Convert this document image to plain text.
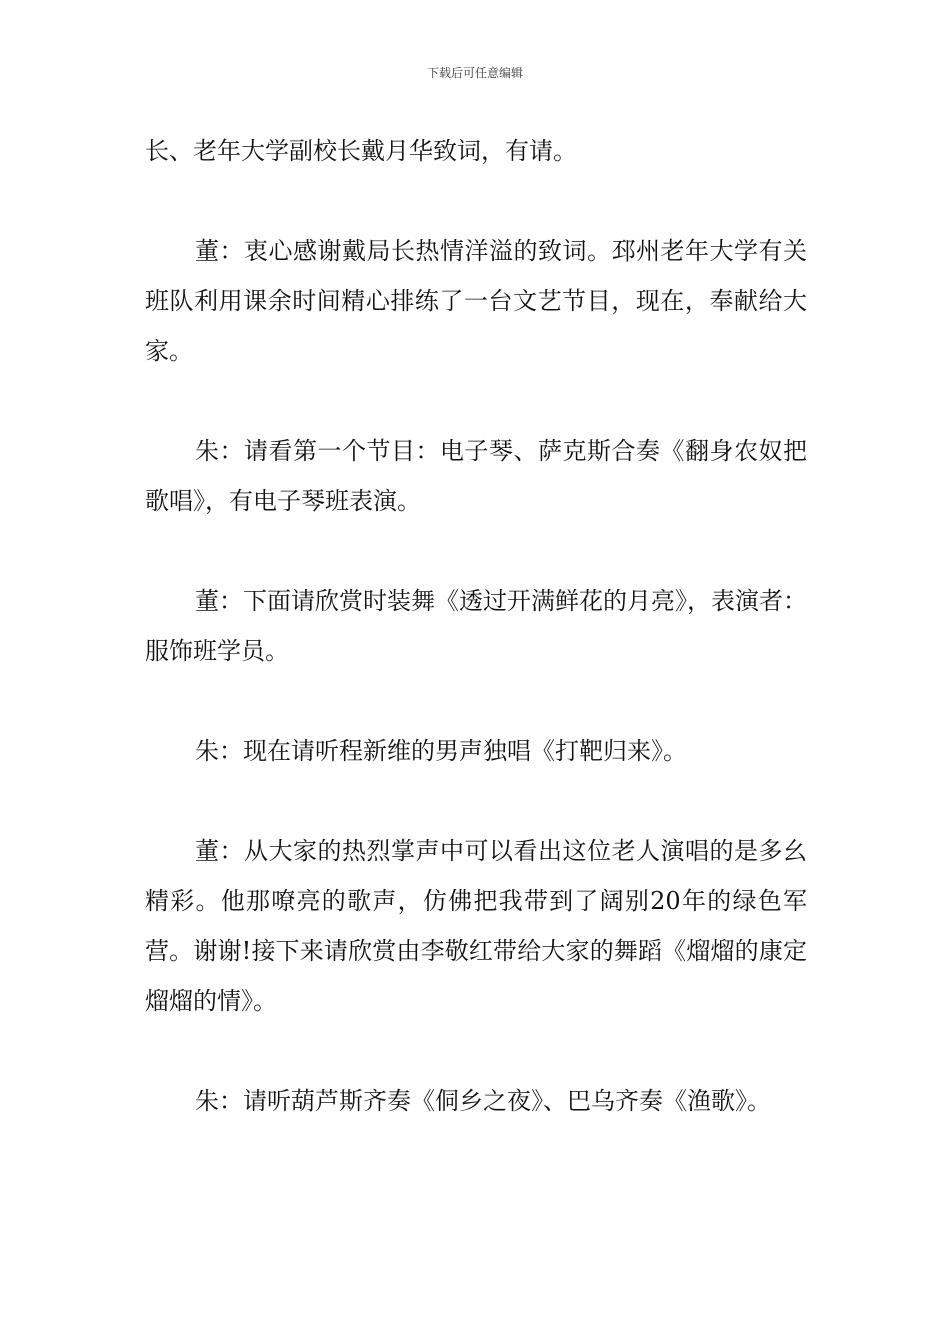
下载后可任意编辑

长、老年大学副校长戴月华致词，有请。

董：衷心感谢戴局长热情洋溢的致词。邳州老年大学有关班队利用课余时间精心排练了一台文艺节目，现在，奉献给大家。

朱：请看第一个节目：电子琴、萨克斯合奏《翻身农奴把歌唱》，有电子琴班表演。

董：下面请欣赏时装舞《透过开满鲜花的月亮》，表演者：服饰班学员。

朱：现在请听程新维的男声独唱《打靶归来》。

董：从大家的热烈掌声中可以看出这位老人演唱的是多幺精彩。他那嘹亮的歌声，仿佛把我带到了阔别20年的绿色军营。谢谢!接下来请欣赏由李敬红带给大家的舞蹈《熘熘的康定熘熘的情》。

朱：请听葫芦斯齐奏《侗乡之夜》、巴乌齐奏《渔歌》。
